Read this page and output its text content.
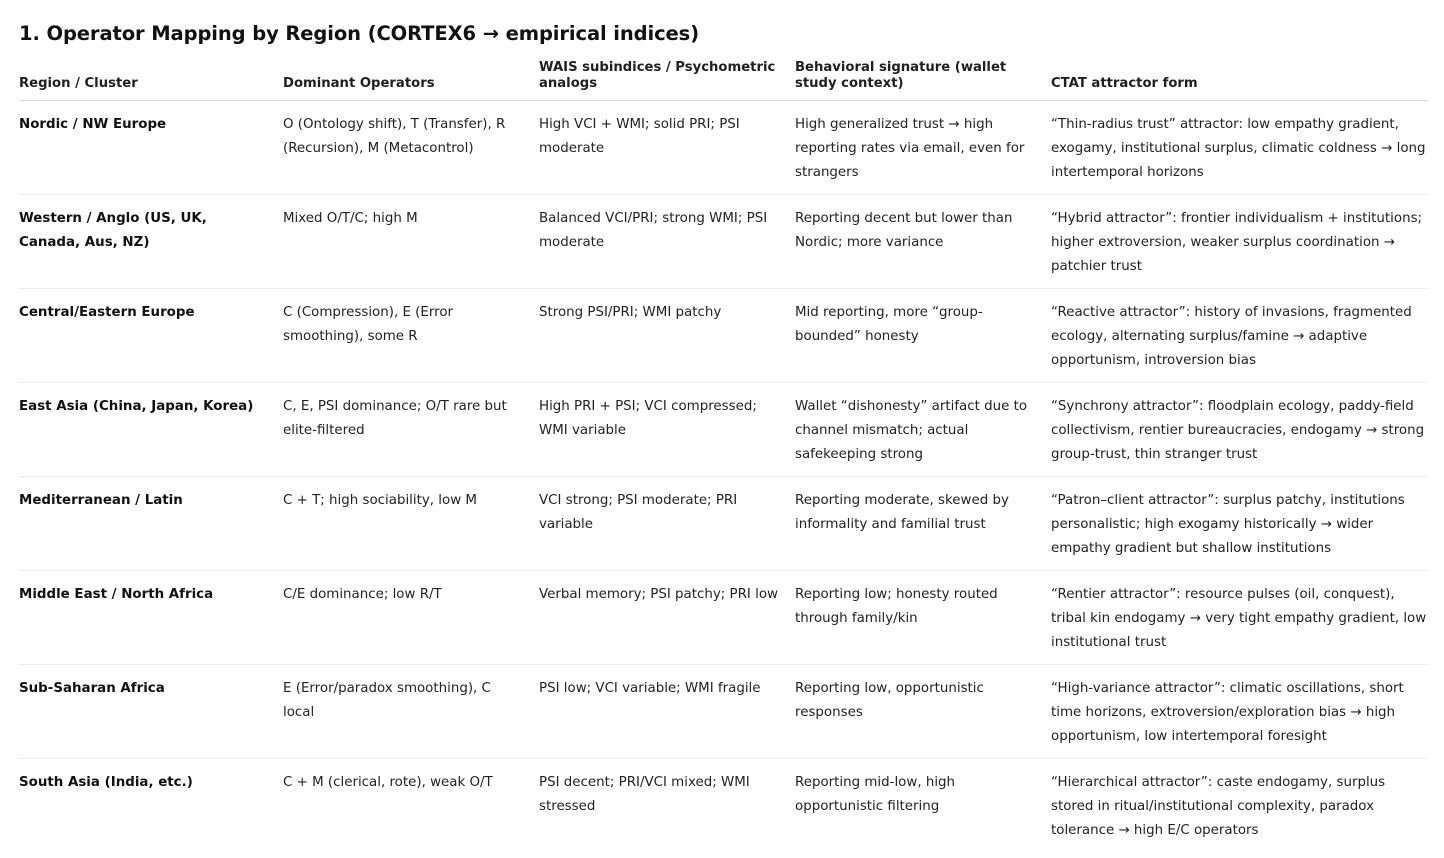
1. Operator Mapping by Region (CORTEX6 → empirical indices)
Region / Cluster	Dominant Operators	WAIS subindices / Psychometric analogs	Behavioral signature (wallet study context)	CTAT attractor form
Nordic / NW Europe	O (Ontology shift), T (Transfer), R (Recursion), M (Metacontrol)	High VCI + WMI; solid PRI; PSI moderate	High generalized trust → high reporting rates via email, even for strangers	“Thin-radius trust” attractor: low empathy gradient, exogamy, institutional surplus, climatic coldness → long intertemporal horizons
Western / Anglo (US, UK, Canada, Aus, NZ)	Mixed O/T/C; high M	Balanced VCI/PRI; strong WMI; PSI moderate	Reporting decent but lower than Nordic; more variance	“Hybrid attractor”: frontier individualism + institutions; higher extroversion, weaker surplus coordination → patchier trust
Central/Eastern Europe	C (Compression), E (Error smoothing), some R	Strong PSI/PRI; WMI patchy	Mid reporting, more “group-bounded” honesty	“Reactive attractor”: history of invasions, fragmented ecology, alternating surplus/famine → adaptive opportunism, introversion bias
East Asia (China, Japan, Korea)	C, E, PSI dominance; O/T rare but elite-filtered	High PRI + PSI; VCI compressed; WMI variable	Wallet “dishonesty” artifact due to channel mismatch; actual safekeeping strong	“Synchrony attractor”: floodplain ecology, paddy-field collectivism, rentier bureaucracies, endogamy → strong group-trust, thin stranger trust
Mediterranean / Latin	C + T; high sociability, low M	VCI strong; PSI moderate; PRI variable	Reporting moderate, skewed by informality and familial trust	“Patron–client attractor”: surplus patchy, institutions personalistic; high exogamy historically → wider empathy gradient but shallow institutions
Middle East / North Africa	C/E dominance; low R/T	Verbal memory; PSI patchy; PRI low	Reporting low; honesty routed through family/kin	“Rentier attractor”: resource pulses (oil, conquest), tribal kin endogamy → very tight empathy gradient, low institutional trust
Sub-Saharan Africa	E (Error/paradox smoothing), C local	PSI low; VCI variable; WMI fragile	Reporting low, opportunistic responses	“High-variance attractor”: climatic oscillations, short time horizons, extroversion/exploration bias → high opportunism, low intertemporal foresight
South Asia (India, etc.)	C + M (clerical, rote), weak O/T	PSI decent; PRI/VCI mixed; WMI stressed	Reporting mid-low, high opportunistic filtering	“Hierarchical attractor”: caste endogamy, surplus stored in ritual/institutional complexity, paradox tolerance → high E/C operators
